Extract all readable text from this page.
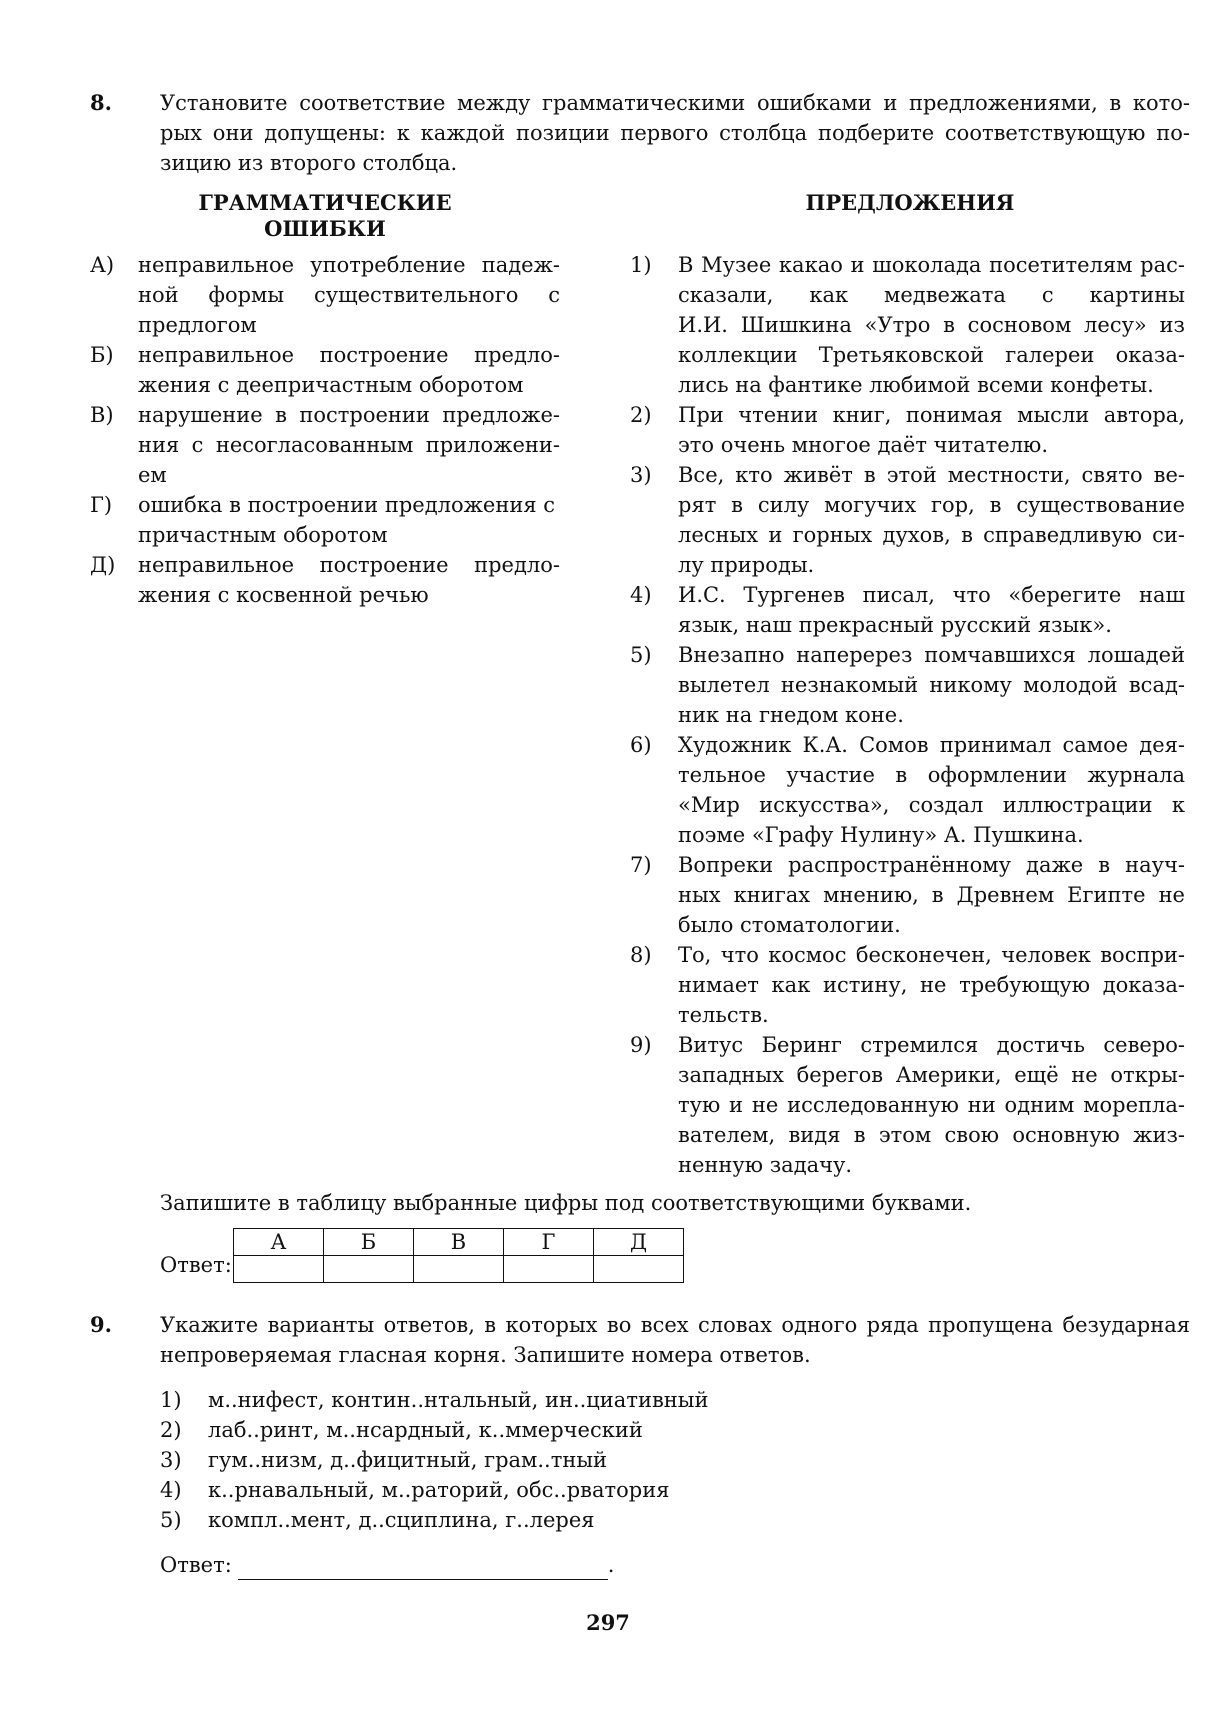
8. Установите соответствие между грамматическими ошибками и предложениями, в кото-
рых они допущены: к каждой позиции первого столбца подберите соответствующую по-
зицию из второго столбца.
ГРАММАТИЧЕСКИЕ
ОШИБКИ
ПРЕДЛОЖЕНИЯ
А)	неправильное употребление падеж-
ной формы существительного с
предлогом
Б)	неправильное построение предло-
жения с деепричастным оборотом
В)	нарушение в построении предложе-
ния с несогласованным приложени-
ем
Г)	ошибка в построении предложения с
причастным оборотом
Д)	неправильное построение предло-
жения с косвенной речью
1)	В Музее какао и шоколада посетителям рас-
сказали, как медвежата с картины
И.И. Шишкина «Утро в сосновом лесу» из
коллекции Третьяковской галереи оказа-
лись на фантике любимой всеми конфеты.
2)	При чтении книг, понимая мысли автора,
это очень многое даёт читателю.
3)	Все, кто живёт в этой местности, свято ве-
рят в силу могучих гор, в существование
лесных и горных духов, в справедливую си-
лу природы.
4)	И.С. Тургенев писал, что «берегите наш
язык, наш прекрасный русский язык».
5)	Внезапно наперерез помчавшихся лошадей
вылетел незнакомый никому молодой всад-
ник на гнедом коне.
6)	Художник К.А. Сомов принимал самое дея-
тельное участие в оформлении журнала
«Мир искусства», создал иллюстрации к
поэме «Графу Нулину» А. Пушкина.
7)	Вопреки распространённому даже в науч-
ных книгах мнению, в Древнем Египте не
было стоматологии.
8)	То, что космос бесконечен, человек воспри-
нимает как истину, не требующую доказа-
тельств.
9)	Витус Беринг стремился достичь северо-
западных берегов Америки, ещё не откры-
тую и не исследованную ни одним морепла-
вателем, видя в этом свою основную жиз-
ненную задачу.
Запишите в таблицу выбранные цифры под соответствующими буквами.
Ответ:
А	Б	В	Г	Д

9. Укажите варианты ответов, в которых во всех словах одного ряда пропущена безударная
непроверяемая гласная корня. Запишите номера ответов.
1)	м..нифест, контин..нтальный, ин..циативный
2)	лаб..ринт, м..нсардный, к..ммерческий
3)	гум..низм, д..фицитный, грам..тный
4)	к..рнавальный, м..раторий, обс..рватория
5)	компл..мент, д..сциплина, г..лерея
Ответ:	.
297
